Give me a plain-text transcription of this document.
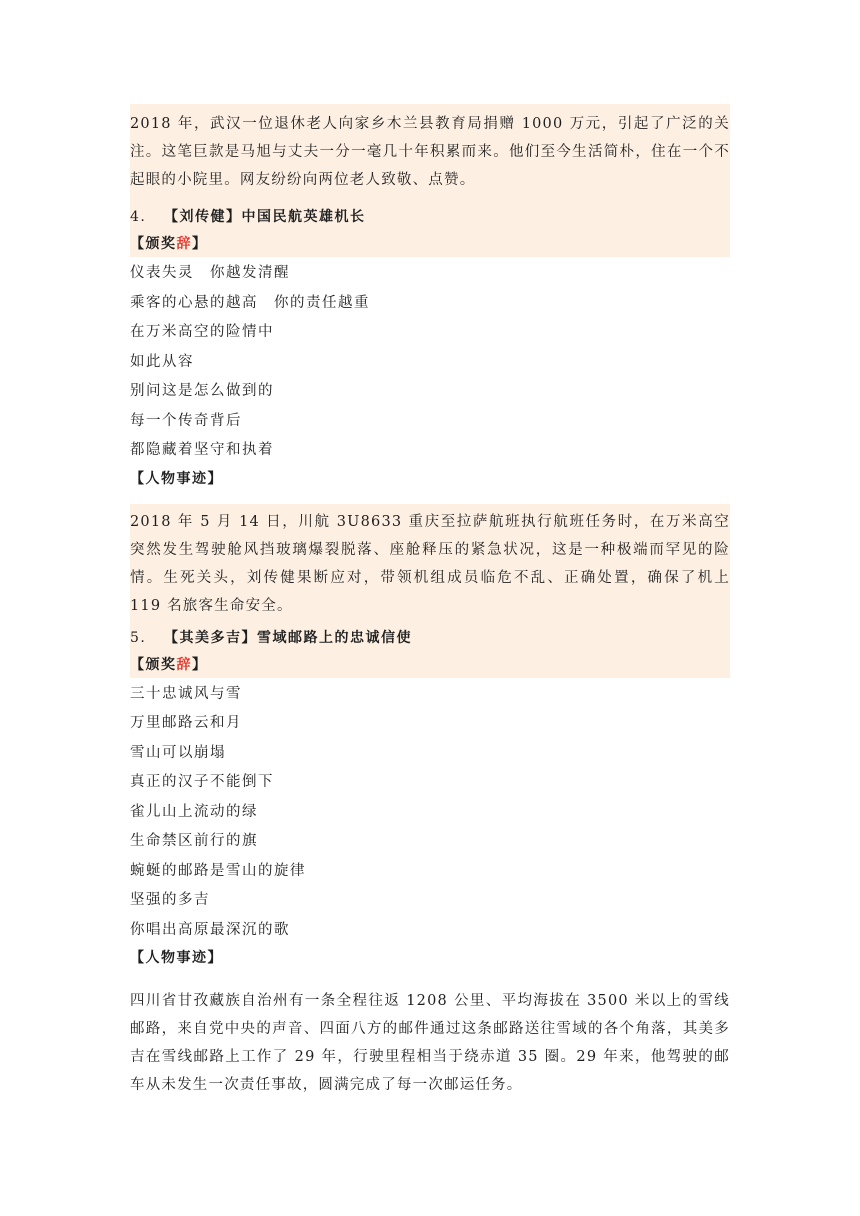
2018 年，武汉一位退休老人向家乡木兰县教育局捐赠 1000 万元，引起了广泛的关注。这笔巨款是马旭与丈夫一分一毫几十年积累而来。他们至今生活简朴，住在一个不起眼的小院里。网友纷纷向两位老人致敬、点赞。

4. 【刘传健】中国民航英雄机长

【颁奖辞】

仪表失灵　你越发清醒

乘客的心悬的越高　你的责任越重

在万米高空的险情中

如此从容

别问这是怎么做到的

每一个传奇背后

都隐藏着坚守和执着

【人物事迹】

2018 年 5 月 14 日，川航 3U8633 重庆至拉萨航班执行航班任务时，在万米高空突然发生驾驶舱风挡玻璃爆裂脱落、座舱释压的紧急状况，这是一种极端而罕见的险情。生死关头，刘传健果断应对，带领机组成员临危不乱、正确处置，确保了机上 119 名旅客生命安全。

5. 【其美多吉】雪域邮路上的忠诚信使

【颁奖辞】

三十忠诚风与雪

万里邮路云和月

雪山可以崩塌

真正的汉子不能倒下

雀儿山上流动的绿

生命禁区前行的旗

蜿蜒的邮路是雪山的旋律

坚强的多吉

你唱出高原最深沉的歌

【人物事迹】

四川省甘孜藏族自治州有一条全程往返 1208 公里、平均海拔在 3500 米以上的雪线邮路，来自党中央的声音、四面八方的邮件通过这条邮路送往雪域的各个角落，其美多吉在雪线邮路上工作了 29 年，行驶里程相当于绕赤道 35 圈。29 年来，他驾驶的邮车从未发生一次责任事故，圆满完成了每一次邮运任务。
